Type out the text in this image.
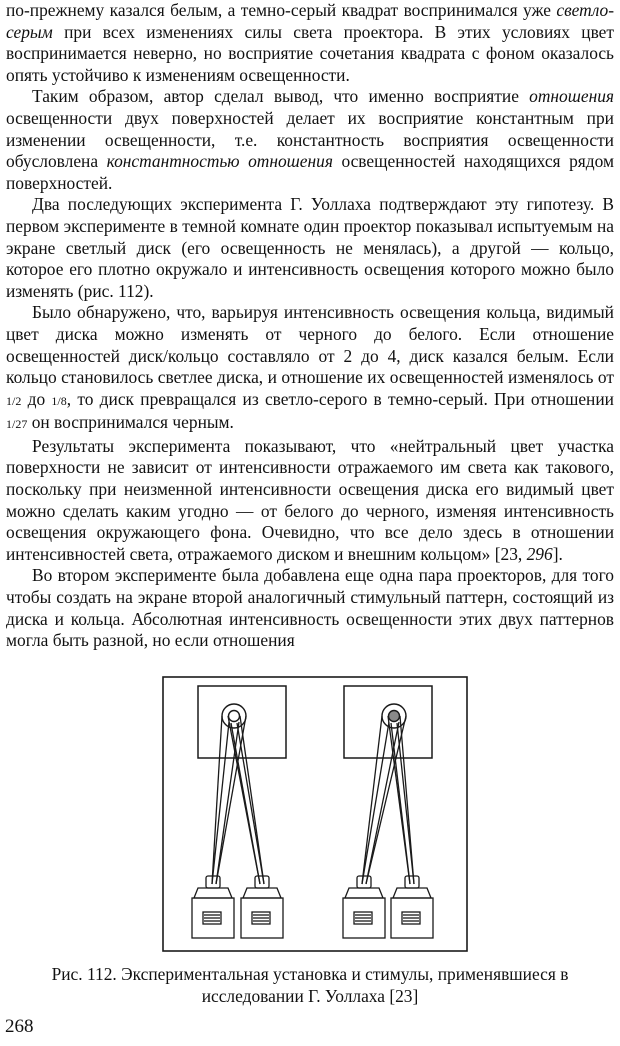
по-прежнему казался белым, а темно-серый квадрат воспринимался уже светло-серым при всех изменениях силы света проектора. В этих условиях цвет воспринимается неверно, но восприятие сочетания квадрата с фоном оказалось опять устойчиво к изменениям освещенности.

Таким образом, автор сделал вывод, что именно восприятие отношения освещенности двух поверхностей делает их восприятие константным при изменении освещенности, т.е. константность восприятия освещенности обусловлена константностью отношения освещенностей находящихся рядом поверхностей.

Два последующих эксперимента Г. Уоллаха подтверждают эту гипотезу. В первом эксперименте в темной комнате один проектор показывал испытуемым на экране светлый диск (его освещенность не менялась), а другой — кольцо, которое его плотно окружало и интенсивность освещения которого можно было изменять (рис. 112).

Было обнаружено, что, варьируя интенсивность освещения кольца, видимый цвет диска можно изменять от черного до белого. Если отношение освещенностей диск/кольцо составляло от 2 до 4, диск казался белым. Если кольцо становилось светлее диска, и отношение их освещенностей изменялось от 1/2 до 1/8, то диск превращался из светло-серого в темно-серый. При отношении 1/27 он воспринимался черным.

Результаты эксперимента показывают, что «нейтральный цвет участка поверхности не зависит от интенсивности отражаемого им света как такового, поскольку при неизменной интенсивности освещения диска его видимый цвет можно сделать каким угодно — от белого до черного, изменяя интенсивность освещения окружающего фона. Очевидно, что все дело здесь в отношении интенсивностей света, отражаемого диском и внешним кольцом» [23, 296].

Во втором эксперименте была добавлена еще одна пара проекторов, для того чтобы создать на экране второй аналогичный стимульный паттерн, состоящий из диска и кольца. Абсолютная интенсивность освещенности этих двух паттернов могла быть разной, но если отношения

Рис. 112. Экспериментальная установка и стимулы, применявшиеся в исследовании Г. Уоллаха [23]
268
